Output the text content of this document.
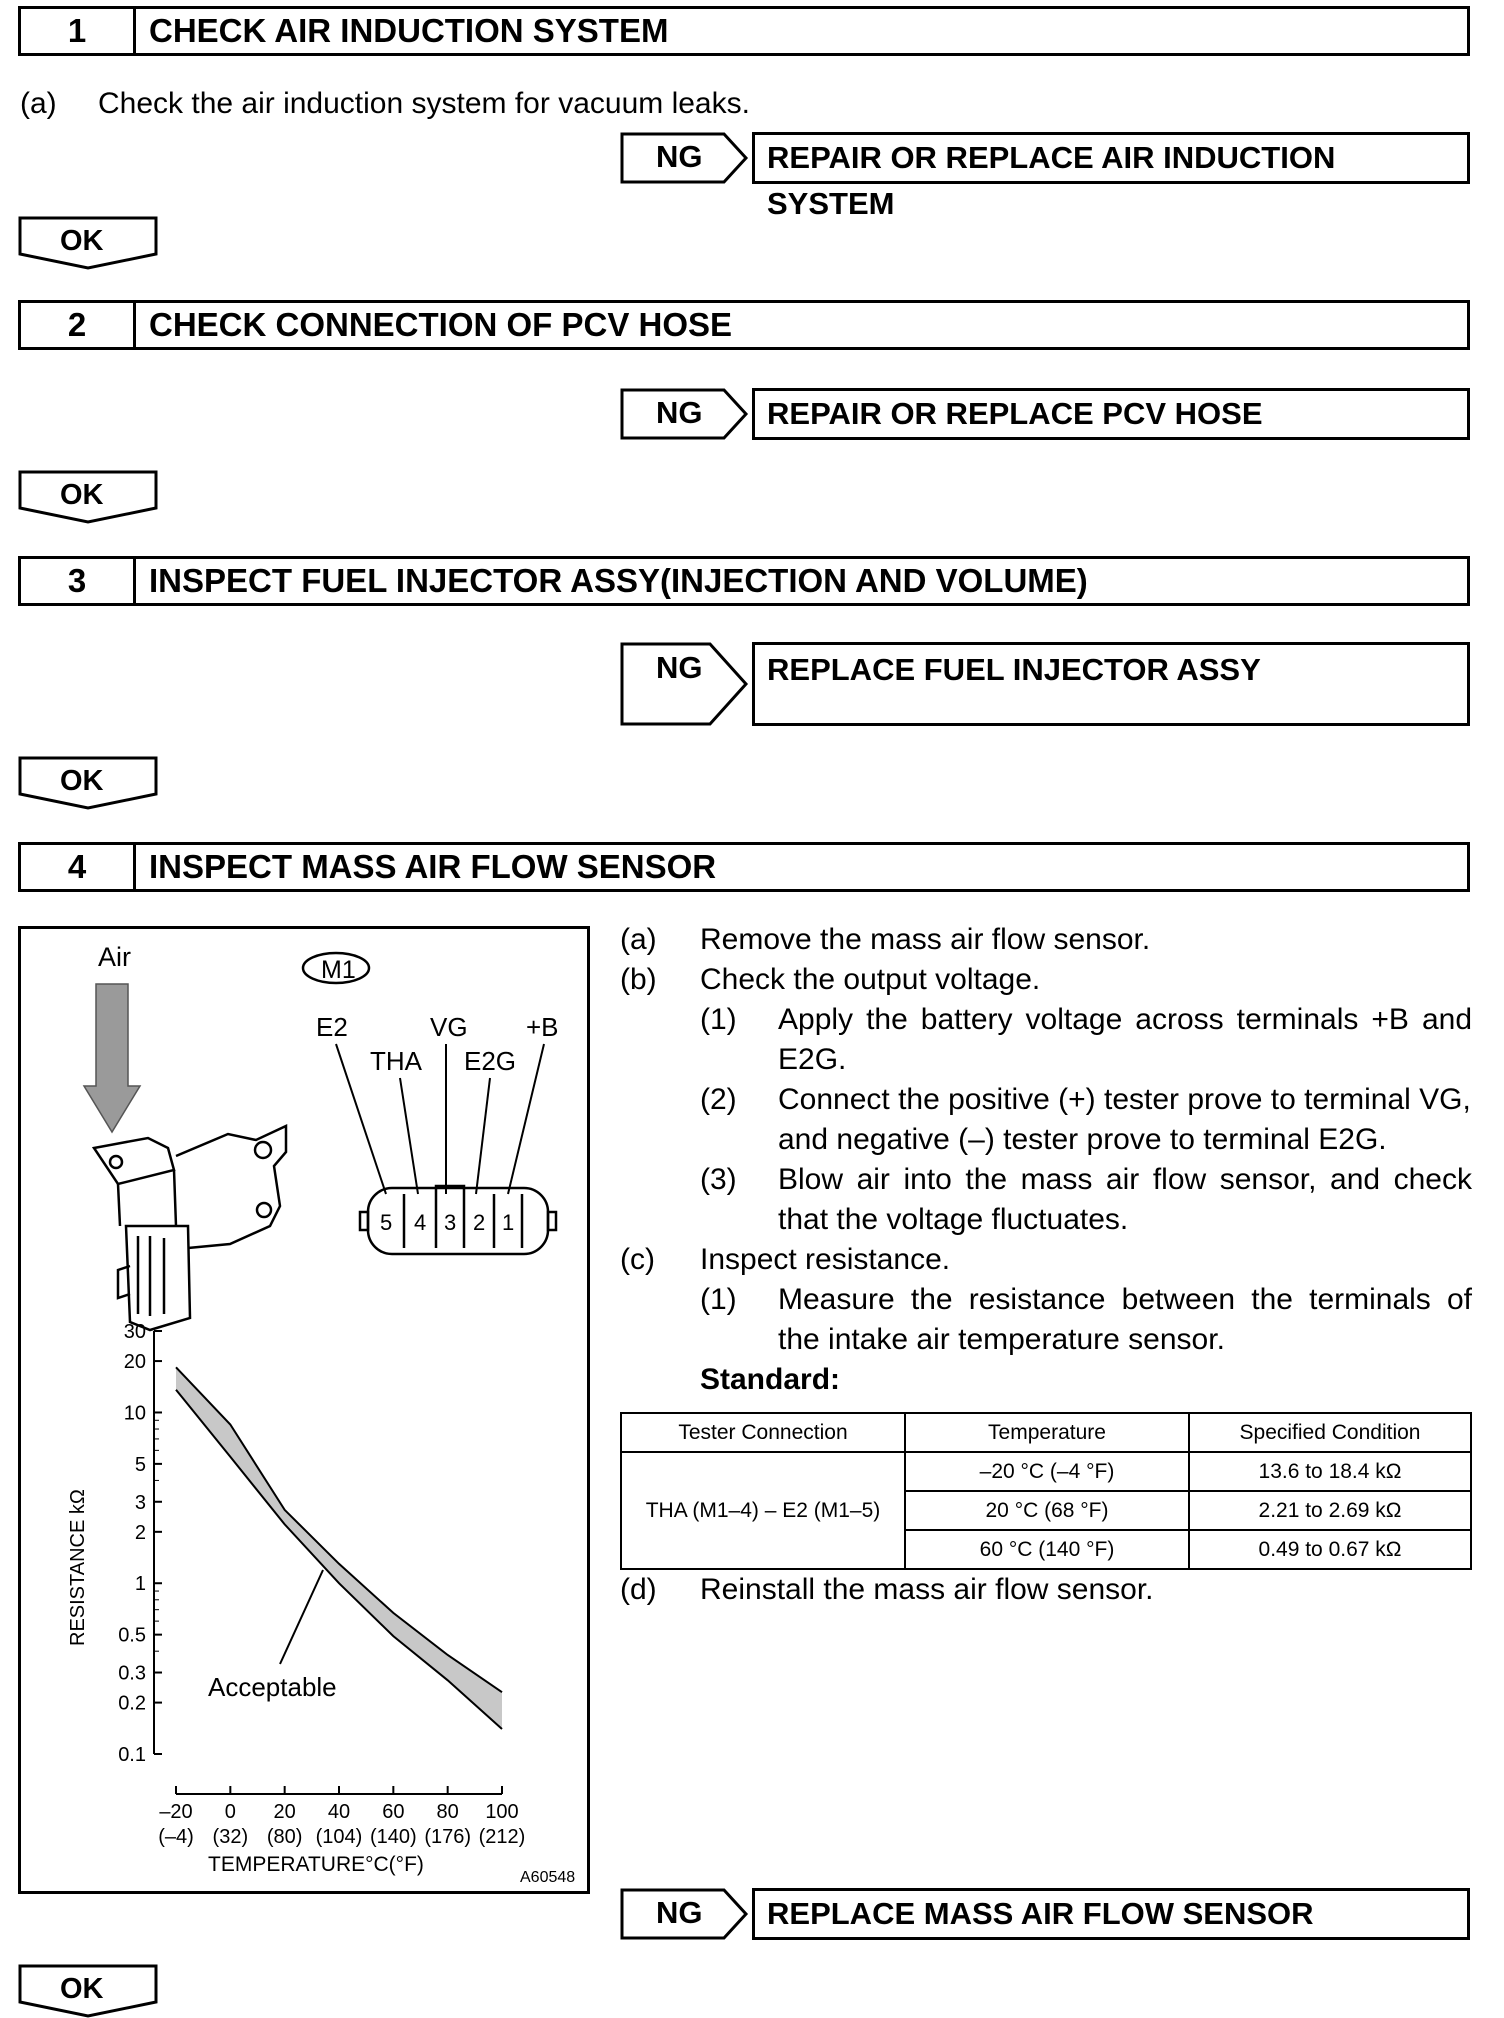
1	CHECK AIR INDUCTION SYSTEM
(a) Check the air induction system for vacuum leaks.
NG	REPAIR OR REPLACE AIR INDUCTION SYSTEM
OK
2	CHECK CONNECTION OF PCV HOSE
NG	REPAIR OR REPLACE PCV HOSE
OK
3	INSPECT FUEL INJECTOR ASSY(INJECTION AND VOLUME)
NG	REPLACE FUEL INJECTOR ASSY
OK
4	INSPECT MASS AIR FLOW SENSOR
Air	M1
E2	VG +B
THA E2G
5 4 3 2 1
30
20
10
5
3
2
1
0.5
0.3
0.2
0.1
–20
(–4)
0
(32)
20
(80)
40
(104)
60
(140)
80
(176)
100
(212)
Acceptable
RESISTANCE kΩ
TEMPERATURE°C(°F)
A60548
(a) Remove the mass air flow sensor.
(b) Check the output voltage.
(1) Apply the battery voltage across terminals +B and E2G.
(2) Connect the positive (+) tester prove to terminal VG, and negative (–) tester prove to terminal E2G.
(3) Blow air into the mass air flow sensor, and check that the voltage fluctuates.
(c) Inspect resistance.
(1) Measure the resistance between the terminals of the intake air temperature sensor.
Standard:
Tester Connection	Temperature	Specified Condition
THA (M1–4) – E2 (M1–5)	–20 °C (–4 °F)	13.6 to 18.4 kΩ
	20 °C (68 °F)	2.21 to 2.69 kΩ
	60 °C (140 °F)	0.49 to 0.67 kΩ
(d) Reinstall the mass air flow sensor.
NG	REPLACE MASS AIR FLOW SENSOR
OK
